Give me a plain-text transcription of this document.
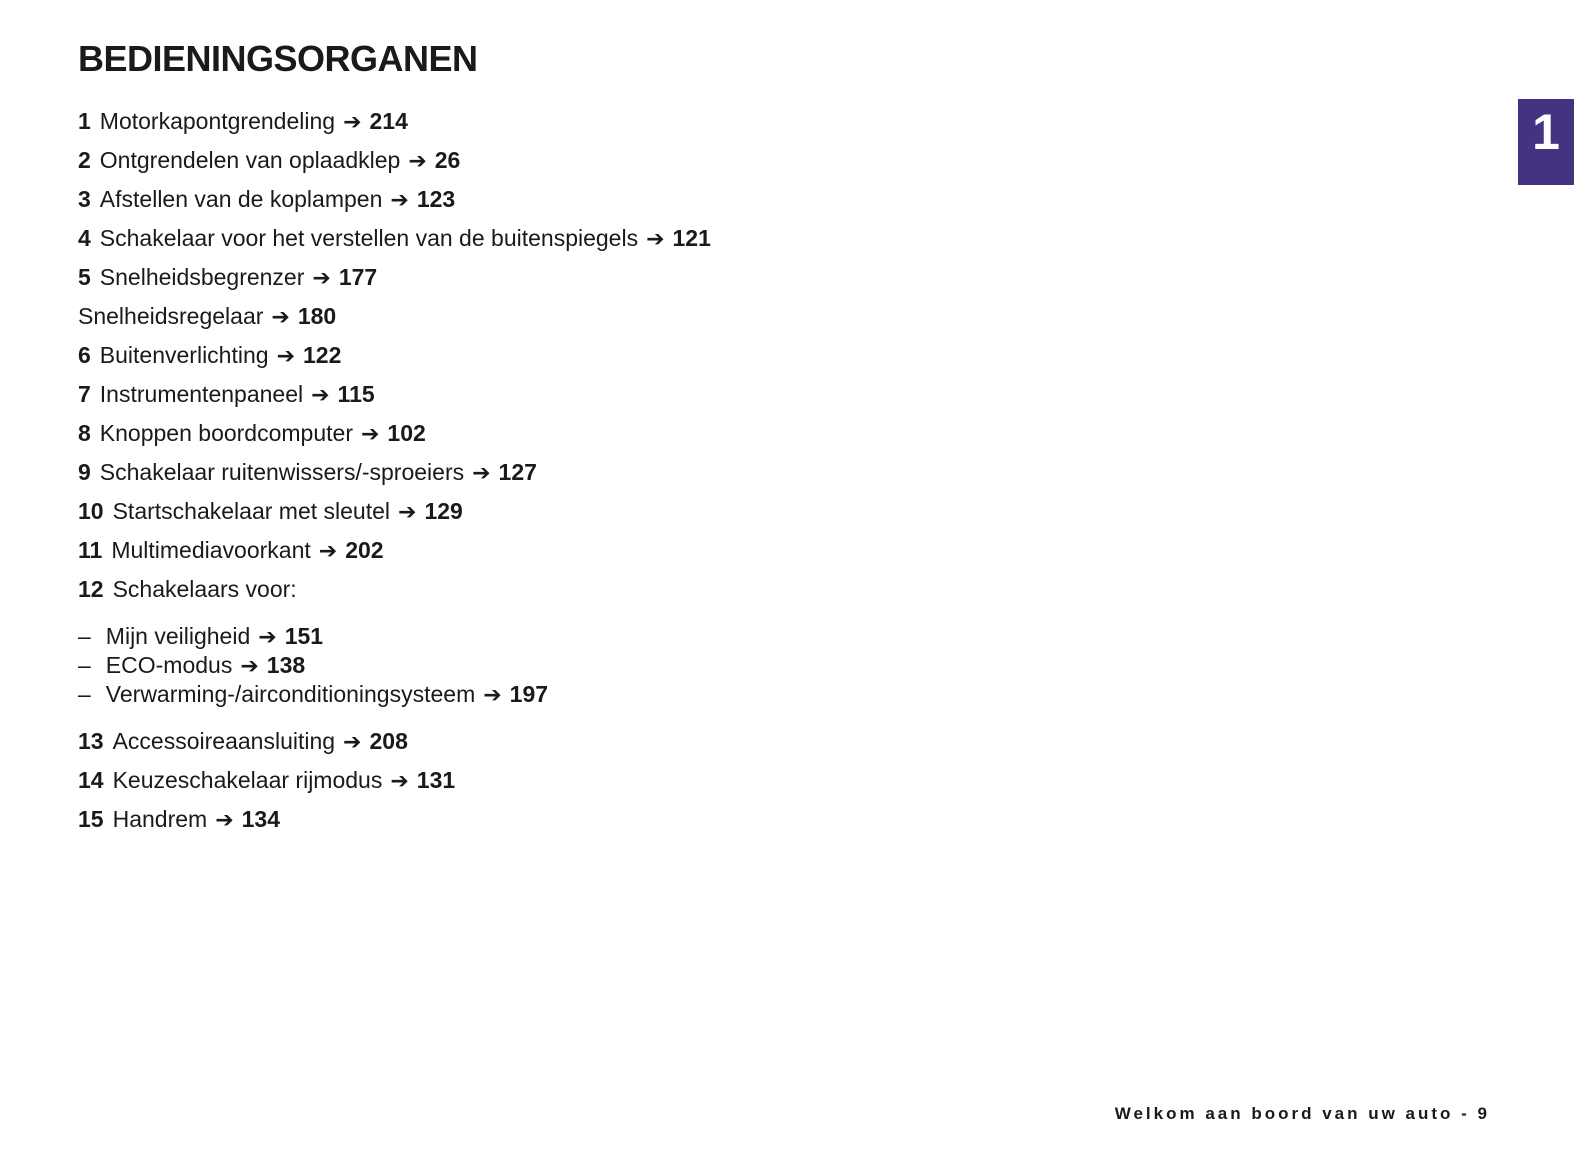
BEDIENINGSORGANEN
1 Motorkapontgrendeling ➔ 214
2 Ontgrendelen van oplaadklep ➔ 26
3 Afstellen van de koplampen ➔ 123
4 Schakelaar voor het verstellen van de buitenspiegels ➔ 121
5 Snelheidsbegrenzer ➔ 177
Snelheidsregelaar ➔ 180
6 Buitenverlichting ➔ 122
7 Instrumentenpaneel ➔ 115
8 Knoppen boordcomputer ➔ 102
9 Schakelaar ruitenwissers/-sproeiers ➔ 127
10 Startschakelaar met sleutel ➔ 129
11 Multimediavoorkant ➔ 202
12 Schakelaars voor:
– Mijn veiligheid ➔ 151
– ECO-modus ➔ 138
– Verwarming-/airconditioningsysteem ➔ 197
13 Accessoireaansluiting ➔ 208
14 Keuzeschakelaar rijmodus ➔ 131
15 Handrem ➔ 134
1
Welkom aan boord van uw auto - 9
